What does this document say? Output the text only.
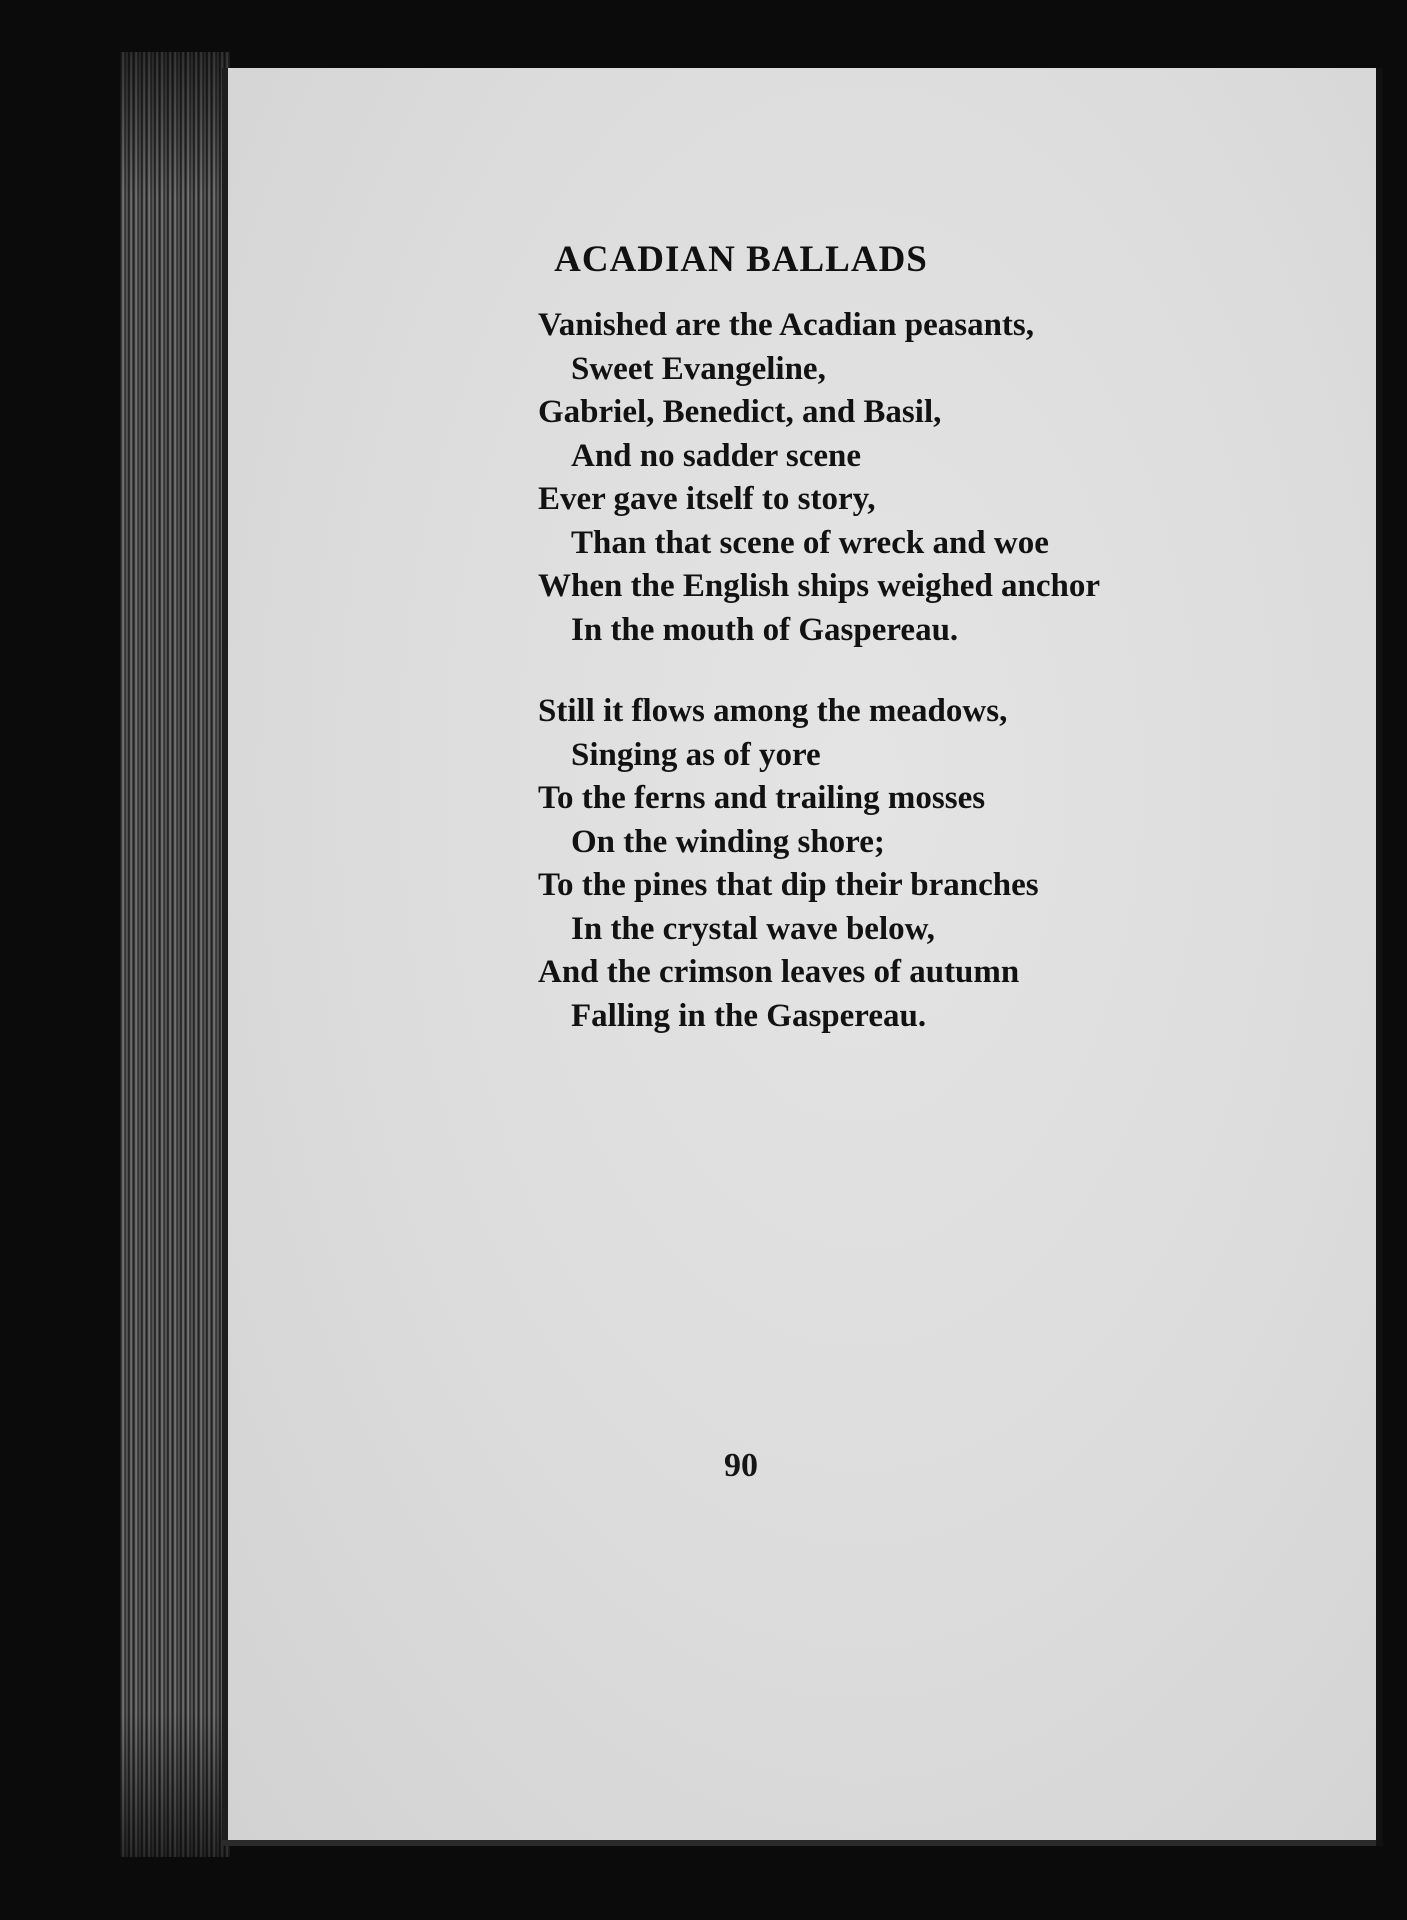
ACADIAN BALLADS
Vanished are the Acadian peasants,
Sweet Evangeline,
Gabriel, Benedict, and Basil,
And no sadder scene
Ever gave itself to story,
Than that scene of wreck and woe
When the English ships weighed anchor
In the mouth of Gaspereau.
Still it flows among the meadows,
Singing as of yore
To the ferns and trailing mosses
On the winding shore;
To the pines that dip their branches
In the crystal wave below,
And the crimson leaves of autumn
Falling in the Gaspereau.
90
